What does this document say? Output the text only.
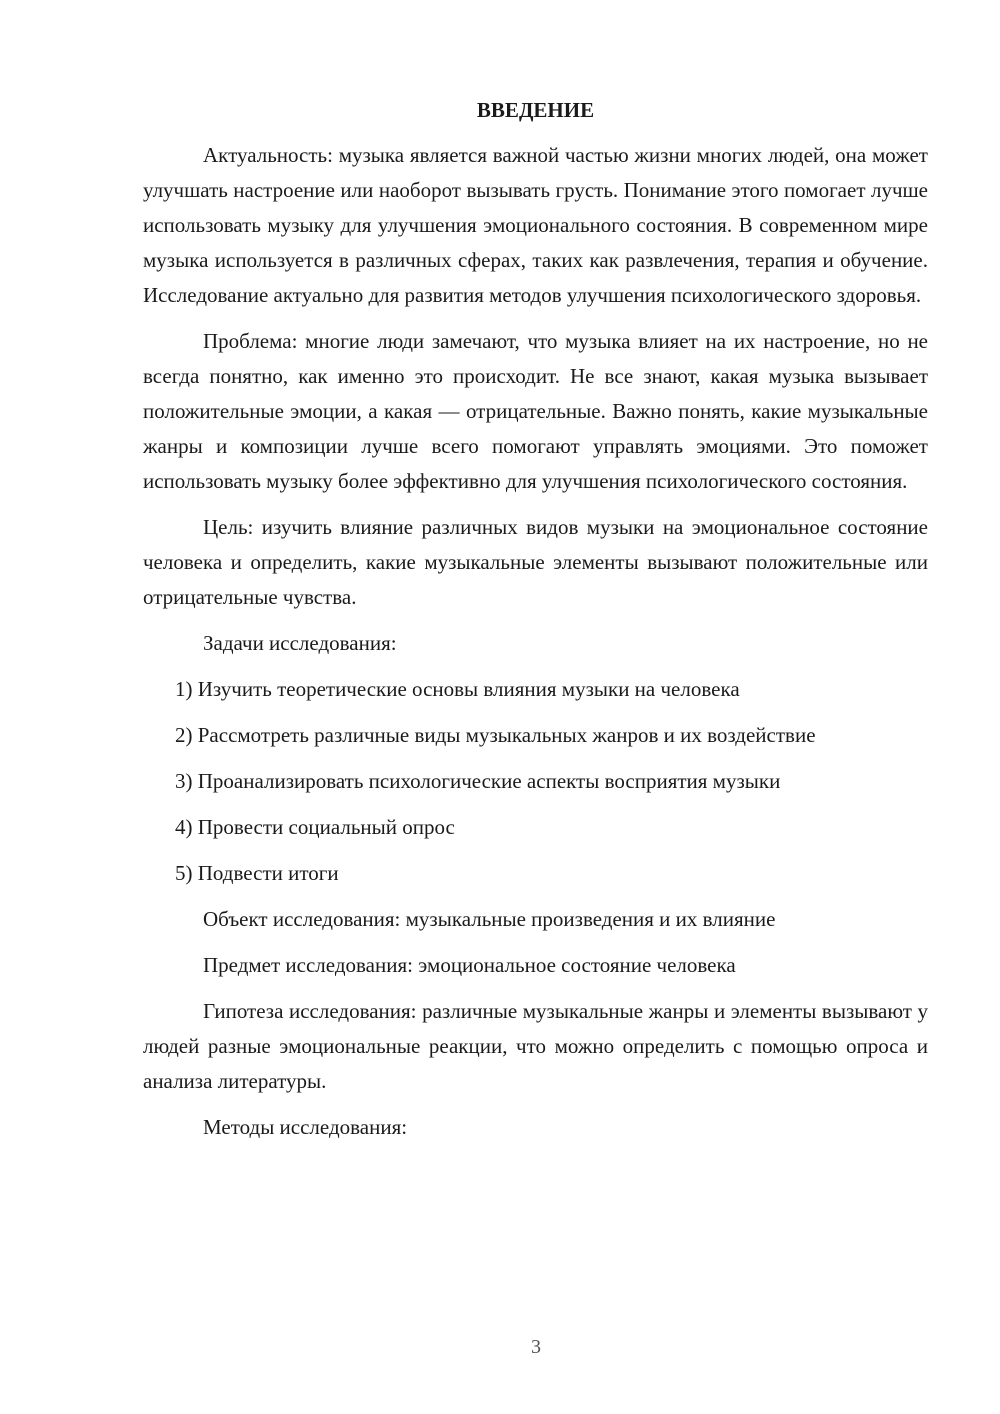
ВВЕДЕНИЕ

Актуальность: музыка является важной частью жизни многих людей, она может улучшать настроение или наоборот вызывать грусть. Понимание этого помогает лучше использовать музыку для улучшения эмоционального состояния. В современном мире музыка используется в различных сферах, таких как развлечения, терапия и обучение. Исследование актуально для развития методов улучшения психологического здоровья.

Проблема: многие люди замечают, что музыка влияет на их настроение, но не всегда понятно, как именно это происходит. Не все знают, какая музыка вызывает положительные эмоции, а какая — отрицательные. Важно понять, какие музыкальные жанры и композиции лучше всего помогают управлять эмоциями. Это поможет использовать музыку более эффективно для улучшения психологического состояния.

Цель: изучить влияние различных видов музыки на эмоциональное состояние человека и определить, какие музыкальные элементы вызывают положительные или отрицательные чувства.

Задачи исследования:

1) Изучить теоретические основы влияния музыки на человека

2) Рассмотреть различные виды музыкальных жанров и их воздействие

3) Проанализировать психологические аспекты восприятия музыки

4) Провести социальный опрос

5) Подвести итоги

Объект исследования: музыкальные произведения и их влияние

Предмет исследования: эмоциональное состояние человека

Гипотеза исследования: различные музыкальные жанры и элементы вызывают у людей разные эмоциональные реакции, что можно определить с помощью опроса и анализа литературы.

Методы исследования:

3
